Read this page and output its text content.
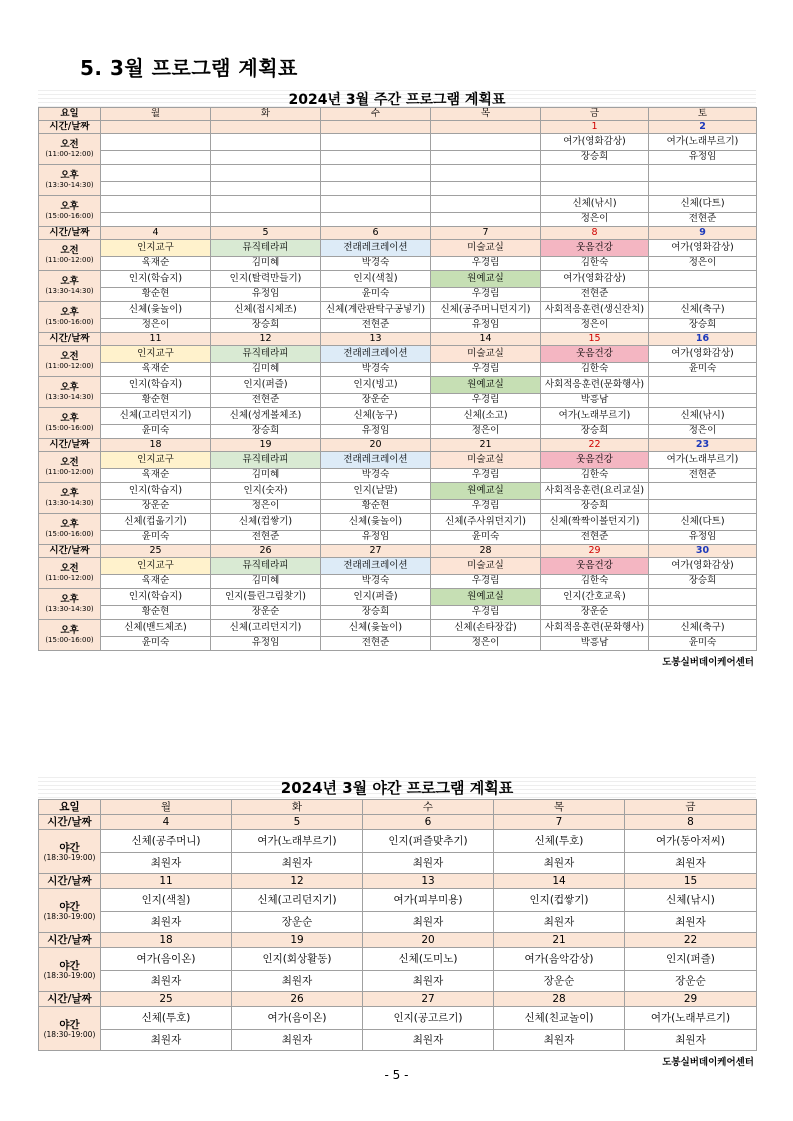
5. 3월 프로그램 계획표
2024년 3월 주간 프로그램 계획표
요일	월	화	수	목	금	토
시간/날짜					1	2
오전
(11:00-12:00)					여가(영화감상)	여가(노래부르기)
					장승희	유정임
오후
(13:30-14:30)						

오후
(15:00-16:00)					신체(낚시)	신체(다트)
					정은이	전현준
시간/날짜	4	5	6	7	8	9
오전
(11:00-12:00)	인지교구	뮤직테라피	전래레크레이션	미술교실	웃음건강	여가(영화감상)
	육재순	김미혜	박경숙	우경림	김한숙	정은이
오후
(13:30-14:30)	인지(학습지)	인지(탈력만들기)	인지(색칠)	원예교실	여가(영화감상)	
	황순현	유정임	윤미숙	우경림	전현준	
오후
(15:00-16:00)	신체(윷놀이)	신체(접시체조)	신체(계란판탁구공넣기)	신체(공주머니던지기)	사회적응훈련(생신잔치)	신체(축구)
	정은이	장승희	전현준	유정임	정은이	장승희
시간/날짜	11	12	13	14	15	16
오전
(11:00-12:00)	인지교구	뮤직테라피	전래레크레이션	미술교실	웃음건강	여가(영화감상)
	육재순	김미혜	박경숙	우경림	김한숙	윤미숙
오후
(13:30-14:30)	인지(학습지)	인지(퍼즐)	인지(빙고)	원예교실	사회적응훈련(문화행사)	
	황순현	전현준	장운순	우경림	박흥남	
오후
(15:00-16:00)	신체(고리던지기)	신체(성게볼체조)	신체(농구)	신체(소고)	여가(노래부르기)	신체(낚시)
	윤미숙	장승희	유정임	정은이	장승희	정은이
시간/날짜	18	19	20	21	22	23
오전
(11:00-12:00)	인지교구	뮤직테라피	전래레크레이션	미술교실	웃음건강	여가(노래부르기)
	육재순	김미혜	박경숙	우경림	김한숙	전현준
오후
(13:30-14:30)	인지(학습지)	인지(숫자)	인지(낱말)	원예교실	사회적응훈련(요리교실)	
	장운순	정은이	황순현	우경림	장승희	
오후
(15:00-16:00)	신체(컵옮기기)	신체(컵쌓기)	신체(윷놀이)	신체(주사위던지기)	신체(짝짝이볼던지기)	신체(다트)
	윤미숙	전현준	유정임	윤미숙	전현준	유정임
시간/날짜	25	26	27	28	29	30
오전
(11:00-12:00)	인지교구	뮤직테라피	전래레크레이션	미술교실	웃음건강	여가(영화감상)
	육재순	김미혜	박경숙	우경림	김한숙	장승희
오후
(13:30-14:30)	인지(학습지)	인지(틀린그림찾기)	인지(퍼즐)	원예교실	인지(간호교육)	
	황순현	장운순	장승희	우경림	장운순	
오후
(15:00-16:00)	신체(밴드체조)	신체(고리던지기)	신체(윷놀이)	신체(손타장갑)	사회적응훈련(문화행사)	신체(축구)
	윤미숙	유정임	전현준	정은이	박흥남	윤미숙
도봉실버데이케어센터
2024년 3월 야간 프로그램 계획표
요일	월	화	수	목	금
시간/날짜	4	5	6	7	8
야간
(18:30-19:00)	신체(공주머니)	여가(노래부르기)	인지(퍼즐맞추기)	신체(투호)	여가(동아저씨)
	최원자	최원자	최원자	최원자	최원자
시간/날짜	11	12	13	14	15
야간
(18:30-19:00)	인지(색칠)	신체(고리던지기)	여가(피부미용)	인지(컵쌓기)	신체(낚시)
	최원자	장운순	최원자	최원자	최원자
시간/날짜	18	19	20	21	22
야간
(18:30-19:00)	여가(음이온)	인지(회상활동)	신체(도미노)	여가(음악감상)	인지(퍼즐)
	최원자	최원자	최원자	장운순	장운순
시간/날짜	25	26	27	28	29
야간
(18:30-19:00)	신체(투호)	여가(음이온)	인지(공고르기)	신체(친교놀이)	여가(노래부르기)
	최원자	최원자	최원자	최원자	최원자
도봉실버데이케어센터
- 5 -
